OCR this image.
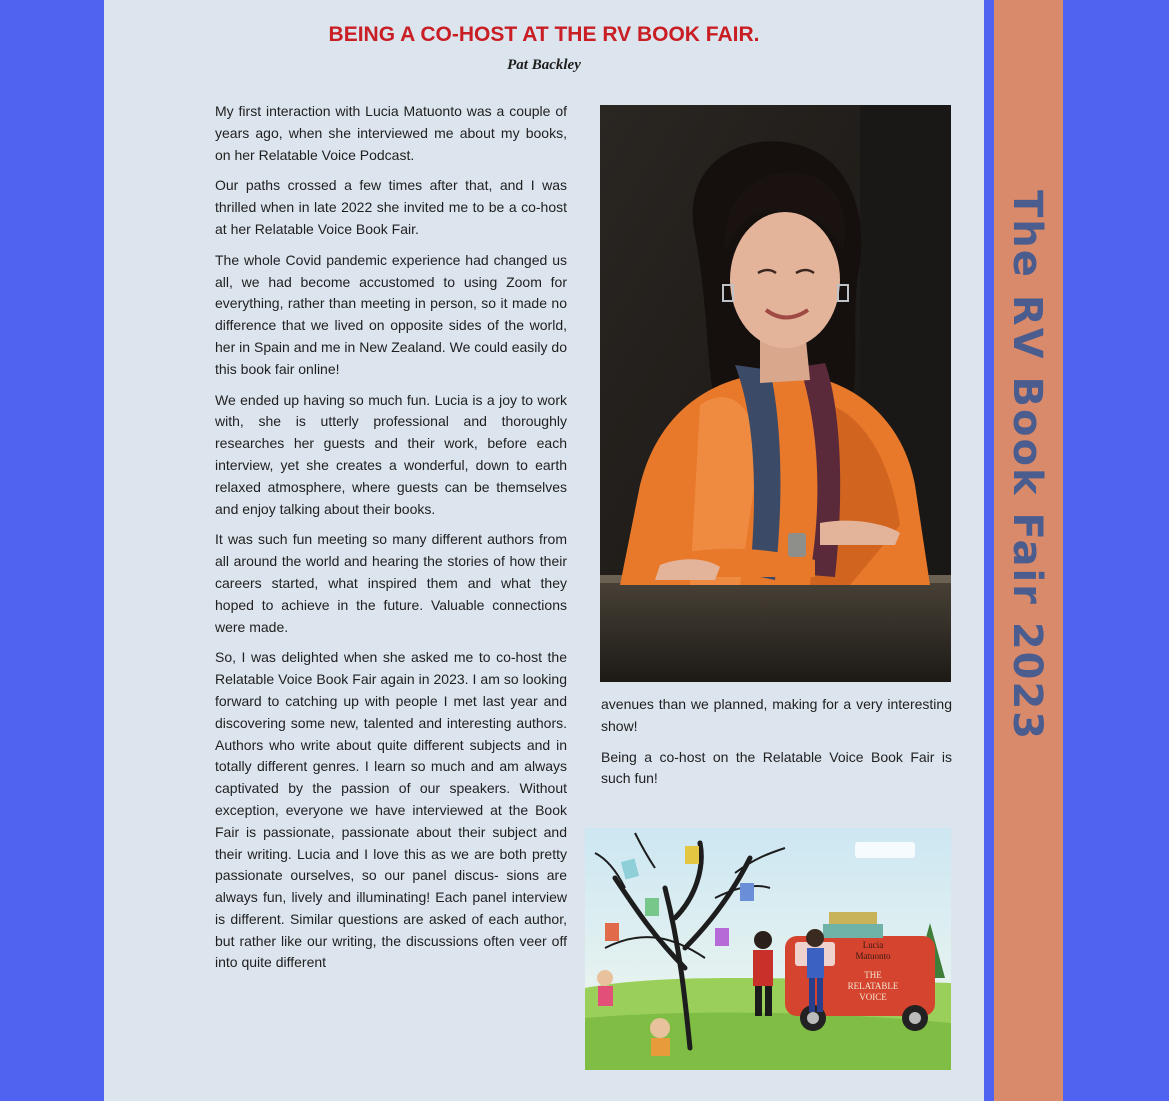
The RV Book Fair 2023
BEING A CO-HOST AT THE RV BOOK FAIR.
Pat Backley

My first interaction with Lucia Matuonto was a couple of years ago, when she interviewed me about my books, on her Relatable Voice Podcast.

Our paths crossed a few times after that, and I was thrilled when in late 2022 she invited me to be a co-host at her Relatable Voice Book Fair.

The whole Covid pandemic experience had changed us all, we had become accustomed to using Zoom for everything, rather than meeting in person, so it made no difference that we lived on opposite sides of the world, her in Spain and me in New Zealand. We could easily do this book fair online!

We ended up having so much fun. Lucia is a joy to work with, she is utterly professional and thoroughly researches her guests and their work, before each interview, yet she creates a wonderful, down to earth relaxed atmosphere, where guests can be themselves and enjoy talking about their books.

It was such fun meeting so many different authors from all around the world and hearing the stories of how their careers started, what inspired them and what they hoped to achieve in the future. Valuable connections were made.

So, I was delighted when she asked me to co-host the Relatable Voice Book Fair again in 2023. I am so looking forward to catching up with people I met last year and discovering some new, talented and interesting authors. Authors who write about quite different subjects and in totally different genres. I learn so much and am always captivated by the passion of our speakers. Without exception, everyone we have interviewed at the Book Fair is passionate, passionate about their subject and their writing. Lucia and I love this as we are both pretty passionate ourselves, so our panel discus- sions are always fun, lively and illuminating! Each panel interview is different. Similar questions are asked of each author, but rather like our writing, the discussions often veer off into quite different

avenues than we planned, making for a very interesting show!

Being a co-host on the Relatable Voice Book Fair is such fun!

Lucia
Matuonto
THE
RELATABLE
VOICE
